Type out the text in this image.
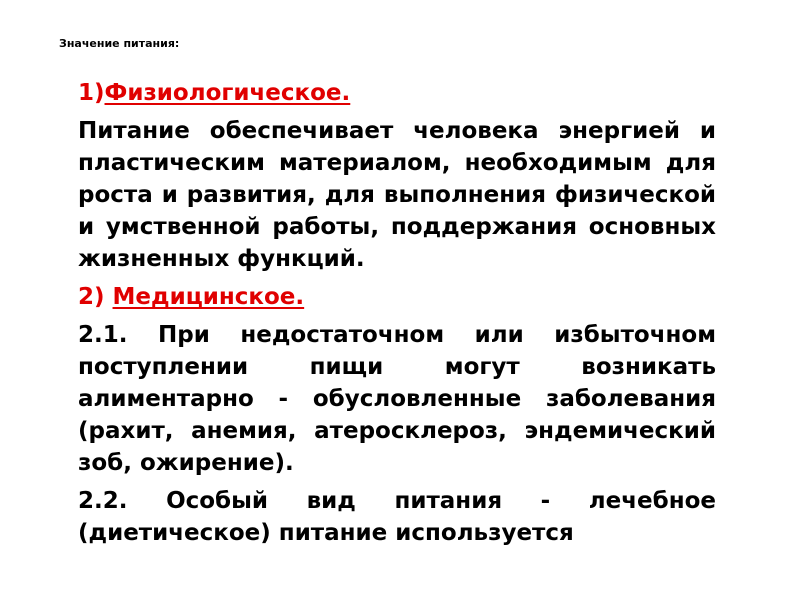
Значение питания:

1)Физиологическое.

Питание обеспечивает человека энергией и пластическим материалом, необходимым для роста и развития, для выполнения физической и умственной работы, поддержания основных жизненных функций.

2) Медицинское.

2.1. При недостаточном или избыточном поступлении пищи могут возникать алиментарно - обусловленные заболевания (рахит, анемия, атеросклероз, эндемический зоб, ожирение).

2.2. Особый вид питания - лечебное (диетическое) питание используется
